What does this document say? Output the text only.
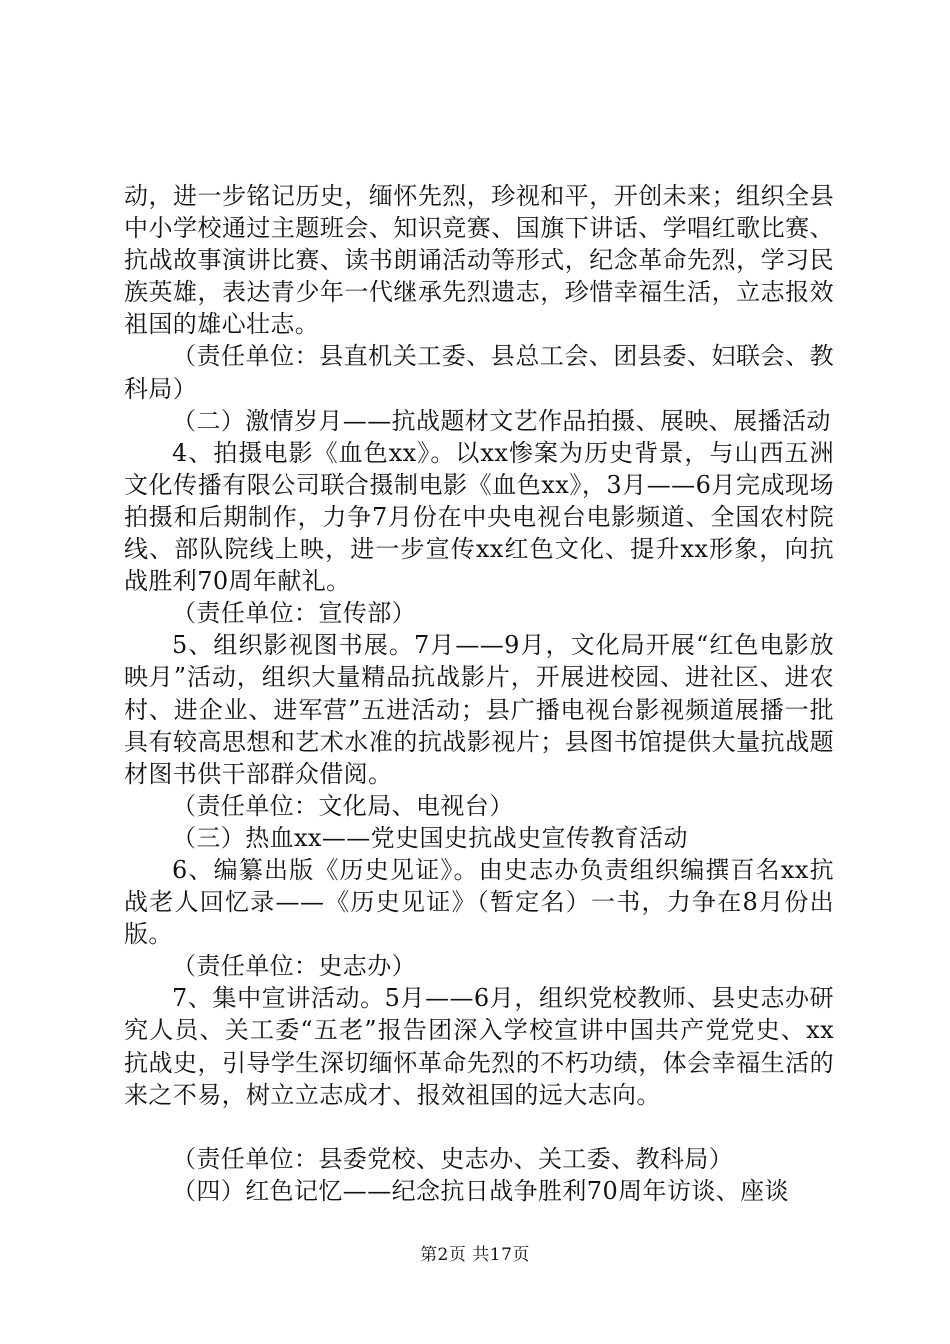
动，进一步铭记历史，缅怀先烈，珍视和平，开创未来；组织全县中小学校通过主题班会、知识竞赛、国旗下讲话、学唱红歌比赛、抗战故事演讲比赛、读书朗诵活动等形式，纪念革命先烈，学习民族英雄，表达青少年一代继承先烈遗志，珍惜幸福生活，立志报效祖国的雄心壮志。

（责任单位：县直机关工委、县总工会、团县委、妇联会、教科局）

（二）激情岁月——抗战题材文艺作品拍摄、展映、展播活动

4、拍摄电影《血色xx》。以xx惨案为历史背景，与山西五洲文化传播有限公司联合摄制电影《血色xx》，3月——6月完成现场拍摄和后期制作，力争7月份在中央电视台电影频道、全国农村院线、部队院线上映，进一步宣传xx红色文化、提升xx形象，向抗战胜利70周年献礼。

（责任单位：宣传部）

5、组织影视图书展。7月——9月，文化局开展“红色电影放映月”活动，组织大量精品抗战影片，开展进校园、进社区、进农村、进企业、进军营”五进活动；县广播电视台影视频道展播一批具有较高思想和艺术水准的抗战影视片；县图书馆提供大量抗战题材图书供干部群众借阅。

（责任单位：文化局、电视台）

（三）热血xx——党史国史抗战史宣传教育活动

6、编纂出版《历史见证》。由史志办负责组织编撰百名xx抗战老人回忆录——《历史见证》（暂定名）一书，力争在8月份出版。

（责任单位：史志办）

7、集中宣讲活动。5月——6月，组织党校教师、县史志办研究人员、关工委“五老”报告团深入学校宣讲中国共产党党史、xx抗战史，引导学生深切缅怀革命先烈的不朽功绩，体会幸福生活的来之不易，树立立志成才、报效祖国的远大志向。

（责任单位：县委党校、史志办、关工委、教科局）

（四）红色记忆——纪念抗日战争胜利70周年访谈、座谈

第2页 共17页
